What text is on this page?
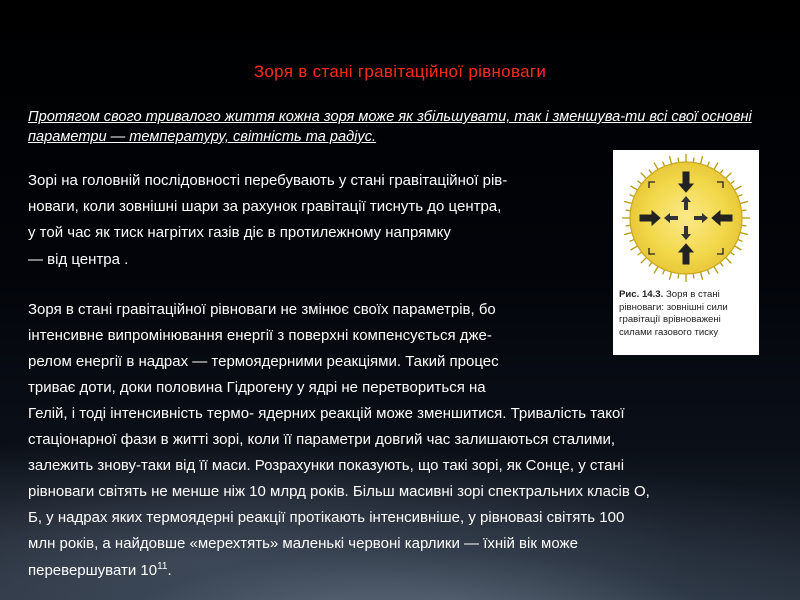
Зоря в стані гравітаційної рівноваги

Протягом свого тривалого життя кожна зоря може як збільшувати, так і зменшува-ти всі свої основні параметри — температуру, світність та радіус.

Зорі на головній послідовності перебувають у стані гравітаційної рів-

новаги, коли зовнішні шари за рахунок гравітації тиснуть до центра,

у той час як тиск нагрітих газів діє в протилежному напрямку

— від центра .

Зоря в стані гравітаційної рівноваги не змінює своїх параметрів, бо

інтенсивне випромінювання енергії з поверхні компенсується дже-

релом енергії в надрах — термоядерними реакціями. Такий процес

триває доти, доки половина Гідрогену у ядрі не перетвориться на

Гелій, і тоді інтенсивність термо- ядерних реакцій може зменшитися. Тривалість такої

стаціонарної фази в житті зорі, коли її параметри довгий час залишаються сталими,

залежить знову-таки від її маси. Розрахунки показують, що такі зорі, як Сонце, у стані

рівноваги світять не менше ніж 10 млрд років. Більш масивні зорі спектральних класів О,

Б, у надрах яких термоядерні реакції протікають інтенсивніше, у рівновазі світять 100

млн років, а найдовше «мерехтять» маленькі червоні карлики — їхній вік може

перевершувати $10^{11}$.

Рис. 14.3. Зоря в стані рівноваги: зовнішні сили гравітації врівноважені силами газового тиску
